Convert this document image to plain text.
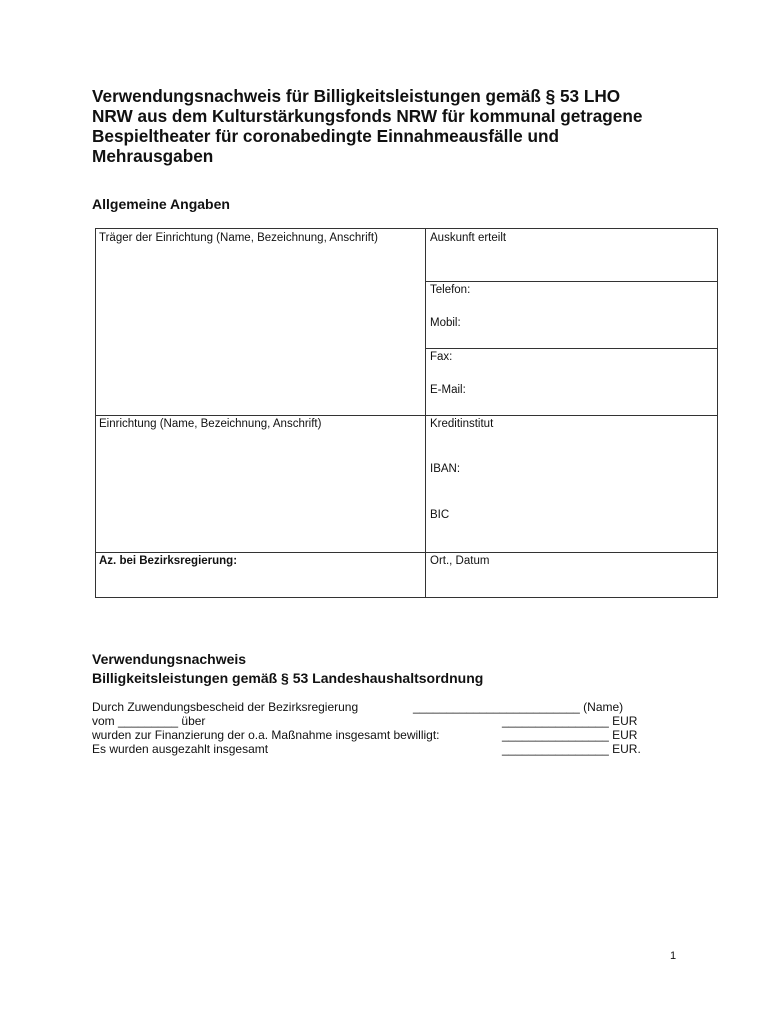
Verwendungsnachweis für Billigkeitsleistungen gemäß § 53 LHO
NRW aus dem Kulturstärkungsfonds NRW für kommunal getragene
Bespieltheater für coronabedingte Einnahmeausfälle und
Mehrausgaben
Allgemeine Angaben
Träger der Einrichtung (Name, Bezeichnung, Anschrift)	Auskunft erteilt
Telefon:
Mobil:
Fax:
E-Mail:
Einrichtung (Name, Bezeichnung, Anschrift)	Kreditinstitut
IBAN:
BIC
Az. bei Bezirksregierung:	Ort., Datum
Verwendungsnachweis
Billigkeitsleistungen gemäß § 53 Landeshaushaltsordnung
Durch Zuwendungsbescheid der Bezirksregierung	_________________________ (Name)
vom _________ über	________________ EUR
wurden zur Finanzierung der o.a. Maßnahme insgesamt bewilligt:	________________ EUR
Es wurden ausgezahlt insgesamt	________________ EUR.
1
